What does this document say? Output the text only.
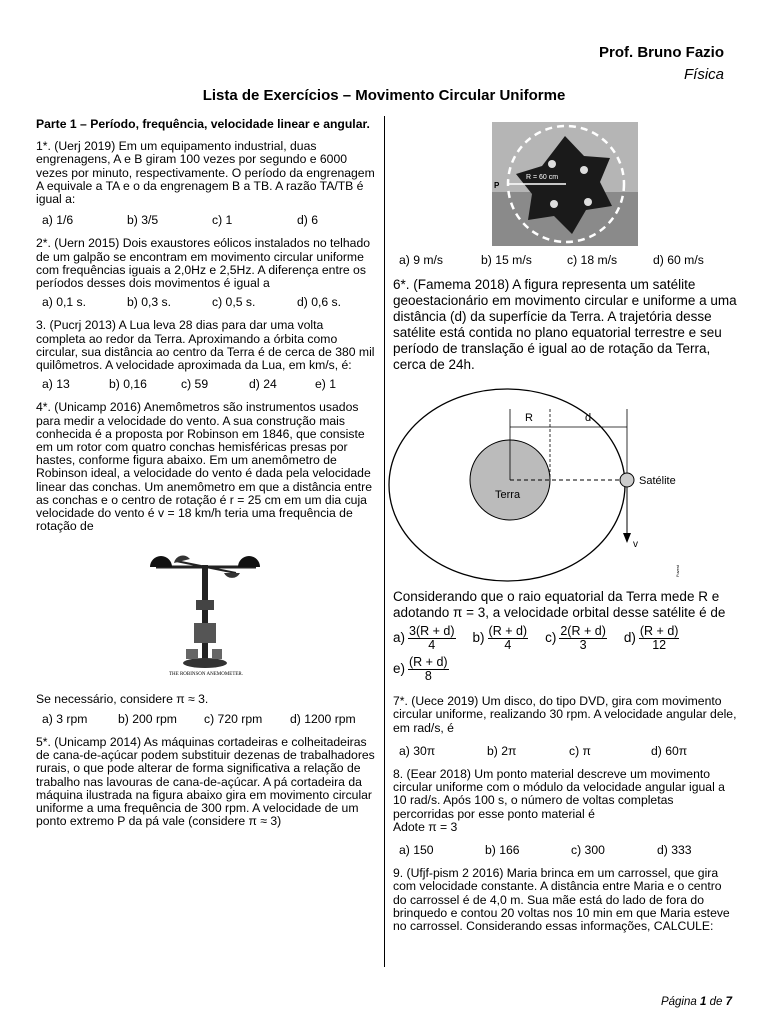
Prof. Bruno Fazio
Física
Lista de Exercícios – Movimento Circular Uniforme
Parte 1 – Período, frequência, velocidade linear e angular.
1*. (Uerj 2019) Em um equipamento industrial, duas engrenagens, A e B giram 100 vezes por segundo e 6000 vezes por minuto, respectivamente. O período da engrenagem A equivale a TA e o da engrenagem B a TB. A razão TA/TB é igual a:
a) 1/6	b) 3/5	c) 1	d) 6
2*. (Uern 2015) Dois exaustores eólicos instalados no telhado de um galpão se encontram em movimento circular uniforme com frequências iguais a 2,0Hz e 2,5Hz. A diferença entre os períodos desses dois movimentos é igual a
a) 0,1 s.	b) 0,3 s.	c) 0,5 s.	d) 0,6 s.
3. (Pucrj 2013) A Lua leva 28 dias para dar uma volta completa ao redor da Terra. Aproximando a órbita como circular, sua distância ao centro da Terra é de cerca de 380 mil quilômetros. A velocidade aproximada da Lua, em km/s, é:
a) 13	b) 0,16	c) 59	d) 24	e) 1
4*. (Unicamp 2016) Anemômetros são instrumentos usados para medir a velocidade do vento. A sua construção mais conhecida é a proposta por Robinson em 1846, que consiste em um rotor com quatro conchas hemisféricas presas por hastes, conforme figura abaixo. Em um anemômetro de Robinson ideal, a velocidade do vento é dada pela velocidade linear das conchas. Um anemômetro em que a distância entre as conchas e o centro de rotação é r = 25 cm em um dia cuja velocidade do vento é v = 18 km/h teria uma frequência de rotação de
THE ROBINSON ANEMOMETER.
Se necessário, considere π ≈ 3.
a) 3 rpm	b) 200 rpm	c) 720 rpm	d) 1200 rpm
5*. (Unicamp 2014) As máquinas cortadeiras e colheitadeiras de cana-de-açúcar podem substituir dezenas de trabalhadores rurais, o que pode alterar de forma significativa a relação de trabalho nas lavouras de cana-de-açúcar. A pá cortadeira da máquina ilustrada na figura abaixo gira em movimento circular uniforme a uma frequência de 300 rpm. A velocidade de um ponto extremo P da pá vale (considere π ≈ 3)
R = 60 cm
P
a) 9 m/s	b) 15 m/s	c) 18 m/s	d) 60 m/s
6*. (Famema 2018) A figura representa um satélite geoestacionário em movimento circular e uniforme a uma distância (d) da superfície da Terra. A trajetória desse satélite está contida no plano equatorial terrestre e seu período de translação é igual ao de rotação da Terra, cerca de 24h.
R	d
Terra
Satélite
v
Fuvest
Considerando que o raio equatorial da Terra mede R e adotando π = 3, a velocidade orbital desse satélite é de
$a) \frac{3(R + d)}{4} b) \frac{(R + d)}{4} c) \frac{2(R + d)}{3} d) \frac{(R + d)}{12}$
$e) \frac{(R + d)}{8}$
7*. (Uece 2019) Um disco, do tipo DVD, gira com movimento circular uniforme, realizando 30 rpm. A velocidade angular dele, em rad/s, é
a) 30π	b) 2π	c) π	d) 60π
8. (Eear 2018) Um ponto material descreve um movimento circular uniforme com o módulo da velocidade angular igual a 10 rad/s. Após 100 s, o número de voltas completas percorridas por esse ponto material é
Adote π = 3
a) 150	b) 166	c) 300	d) 333
9. (Ufjf-pism 2 2016) Maria brinca em um carrossel, que gira com velocidade constante. A distância entre Maria e o centro do carrossel é de 4,0 m. Sua mãe está do lado de fora do brinquedo e contou 20 voltas nos 10 min em que Maria esteve no carrossel. Considerando essas informações, CALCULE:
Página 1 de 7
